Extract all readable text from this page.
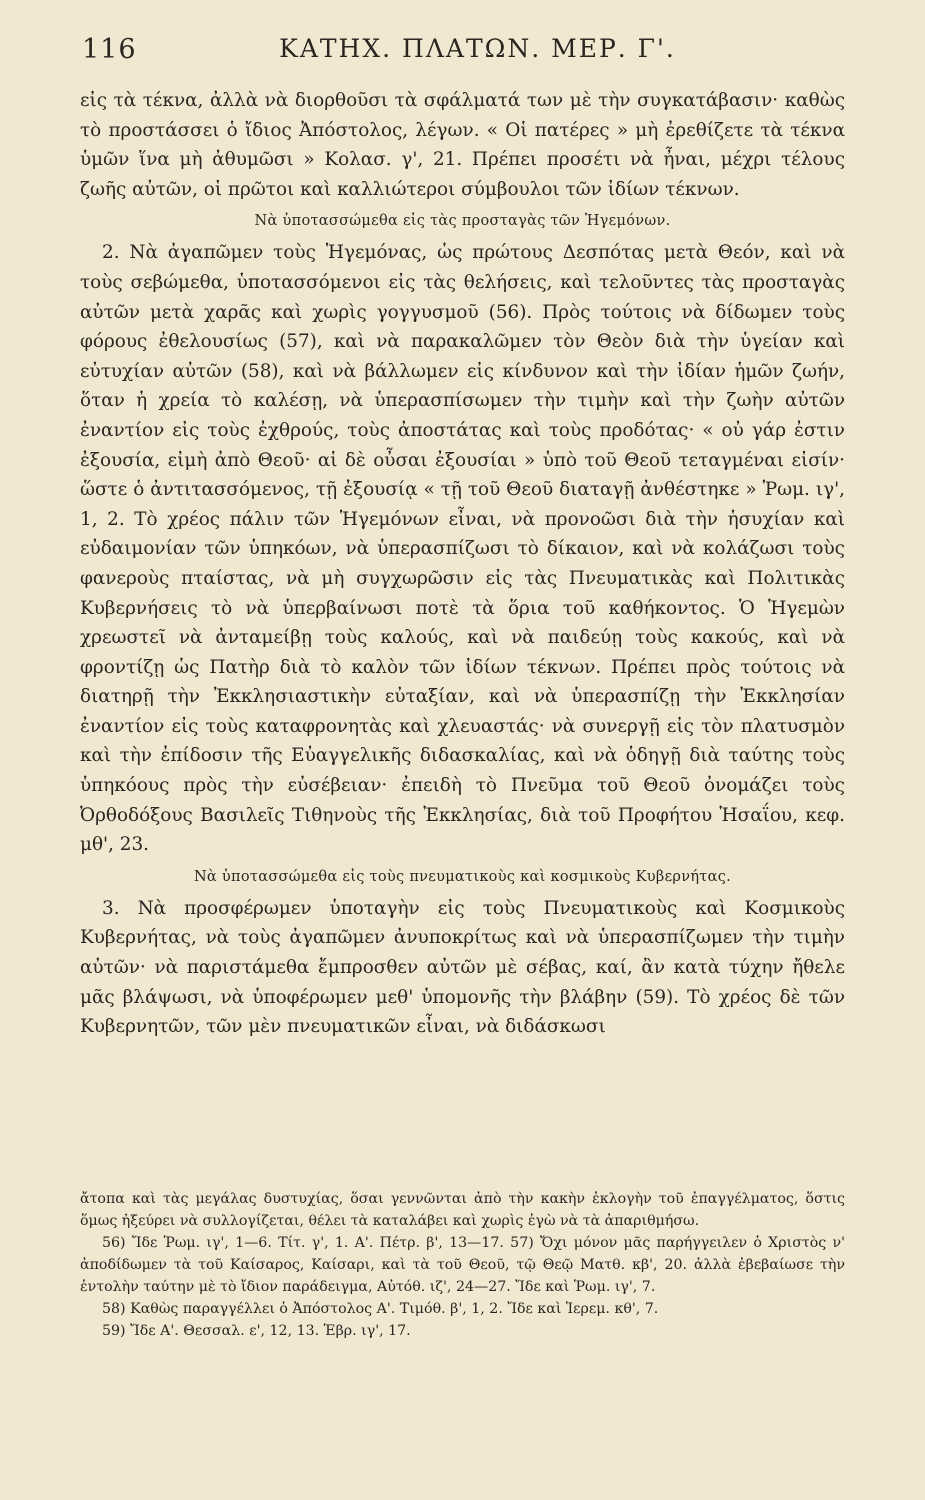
116	ΚΑΤΗΧ. ΠΛΑΤΩΝ. ΜΕΡ. Γ'.

εἰς τὰ τέκνα, ἀλλὰ νὰ διορθοῦσι τὰ σφάλματά των μὲ τὴν συγκατάβασιν· καθὼς τὸ προστάσσει ὁ ἴδιος Ἀπόστολος, λέγων. « Οἱ πατέρες » μὴ ἐρεθίζετε τὰ τέκνα ὑμῶν ἵνα μὴ ἀθυμῶσι » Κολασ. γ', 21. Πρέπει προσέτι νὰ ἦναι, μέχρι τέλους ζωῆς αὐτῶν, οἱ πρῶτοι καὶ καλλιώτεροι σύμβουλοι τῶν ἰδίων τέκνων.

Νὰ ὑποτασσώμεθα εἰς τὰς προσταγὰς τῶν Ἡγεμόνων.

2. Νὰ ἀγαπῶμεν τοὺς Ἡγεμόνας, ὡς πρώτους Δεσπότας μετὰ Θεόν, καὶ νὰ τοὺς σεβώμεθα, ὑποτασσόμενοι εἰς τὰς θελήσεις, καὶ τελοῦντες τὰς προσταγὰς αὐτῶν μετὰ χαρᾶς καὶ χωρὶς γογγυσμοῦ (56). Πρὸς τούτοις νὰ δίδωμεν τοὺς φόρους ἐθελουσίως (57), καὶ νὰ παρακαλῶμεν τὸν Θεὸν διὰ τὴν ὑγείαν καὶ εὐτυχίαν αὐτῶν (58), καὶ νὰ βάλλωμεν εἰς κίνδυνον καὶ τὴν ἰδίαν ἡμῶν ζωήν, ὅταν ἡ χρεία τὸ καλέσῃ, νὰ ὑπερασπίσωμεν τὴν τιμὴν καὶ τὴν ζωὴν αὐτῶν ἐναντίον εἰς τοὺς ἐχθρούς, τοὺς ἀποστάτας καὶ τοὺς προδότας· « οὐ γάρ ἐστιν ἐξουσία, εἰμὴ ἀπὸ Θεοῦ· αἱ δὲ οὖσαι ἐξουσίαι » ὑπὸ τοῦ Θεοῦ τεταγμέναι εἰσίν· ὥστε ὁ ἀντιτασσόμενος, τῇ ἐξουσίᾳ « τῇ τοῦ Θεοῦ διαταγῇ ἀνθέστηκε » Ῥωμ. ιγ', 1, 2. Τὸ χρέος πάλιν τῶν Ἡγεμόνων εἶναι, νὰ προνοῶσι διὰ τὴν ἡσυχίαν καὶ εὐδαιμονίαν τῶν ὑπηκόων, νὰ ὑπερασπίζωσι τὸ δίκαιον, καὶ νὰ κολάζωσι τοὺς φανεροὺς πταίστας, νὰ μὴ συγχωρῶσιν εἰς τὰς Πνευματικὰς καὶ Πολιτικὰς Κυβερνήσεις τὸ νὰ ὑπερβαίνωσι ποτὲ τὰ ὅρια τοῦ καθήκοντος. Ὁ Ἡγεμὼν χρεωστεῖ νὰ ἀνταμείβῃ τοὺς καλούς, καὶ νὰ παιδεύῃ τοὺς κακούς, καὶ νὰ φροντίζῃ ὡς Πατὴρ διὰ τὸ καλὸν τῶν ἰδίων τέκνων. Πρέπει πρὸς τούτοις νὰ διατηρῇ τὴν Ἐκκλησιαστικὴν εὐταξίαν, καὶ νὰ ὑπερασπίζῃ τὴν Ἐκκλησίαν ἐναντίον εἰς τοὺς καταφρονητὰς καὶ χλευαστάς· νὰ συνεργῇ εἰς τὸν πλατυσμὸν καὶ τὴν ἐπίδοσιν τῆς Εὐαγγελικῆς διδασκαλίας, καὶ νὰ ὁδηγῇ διὰ ταύτης τοὺς ὑπηκόους πρὸς τὴν εὐσέβειαν· ἐπειδὴ τὸ Πνεῦμα τοῦ Θεοῦ ὀνομάζει τοὺς Ὀρθοδόξους Βασιλεῖς Τιθηνοὺς τῆς Ἐκκλησίας, διὰ τοῦ Προφήτου Ἡσαΐου, κεφ. μθ', 23.

Νὰ ὑποτασσώμεθα εἰς τοὺς πνευματικοὺς καὶ κοσμικοὺς Κυβερνήτας.

3. Νὰ προσφέρωμεν ὑποταγὴν εἰς τοὺς Πνευματικοὺς καὶ Κοσμικοὺς Κυβερνήτας, νὰ τοὺς ἀγαπῶμεν ἀνυποκρίτως καὶ νὰ ὑπερασπίζωμεν τὴν τιμὴν αὐτῶν· νὰ παριστάμεθα ἔμπροσθεν αὐτῶν μὲ σέβας, καί, ἂν κατὰ τύχην ἤθελε μᾶς βλάψωσι, νὰ ὑποφέρωμεν μεθ' ὑπομονῆς τὴν βλάβην (59). Τὸ χρέος δὲ τῶν Κυβερνητῶν, τῶν μὲν πνευματικῶν εἶναι, νὰ διδάσκωσι

ἄτοπα καὶ τὰς μεγάλας δυστυχίας, ὅσαι γεννῶνται ἀπὸ τὴν κακὴν ἐκλογὴν τοῦ ἐπαγγέλματος, ὅστις ὅμως ἠξεύρει νὰ συλλογίζεται, θέλει τὰ καταλάβει καὶ χωρὶς ἐγὼ νὰ τὰ ἀπαριθμήσω.

56) Ἴδε Ῥωμ. ιγ', 1—6. Τίτ. γ', 1. Α'. Πέτρ. β', 13—17. 57) Ὄχι μόνον μᾶς παρήγγειλεν ὁ Χριστὸς ν' ἀποδίδωμεν τὰ τοῦ Καίσαρος, Καίσαρι, καὶ τὰ τοῦ Θεοῦ, τῷ Θεῷ Ματθ. κβ', 20. ἀλλὰ ἐβεβαίωσε τὴν ἐντολὴν ταύτην μὲ τὸ ἴδιον παράδειγμα, Αὐτόθ. ιζ', 24—27. Ἴδε καὶ Ῥωμ. ιγ', 7.

58) Καθὼς παραγγέλλει ὁ Ἀπόστολος Α'. Τιμόθ. β', 1, 2. Ἴδε καὶ Ἱερεμ. κθ', 7.

59) Ἴδε Α'. Θεσσαλ. ε', 12, 13. Ἑβρ. ιγ', 17.
